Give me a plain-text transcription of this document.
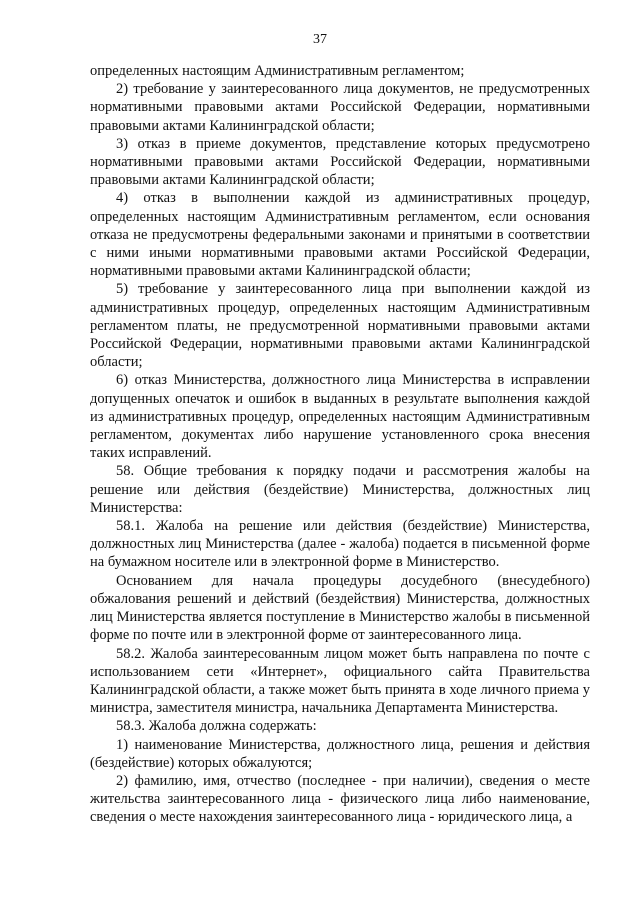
37

определенных настоящим Административным регламентом;

2) требование у заинтересованного лица документов, не предусмотренных нормативными правовыми актами Российской Федерации, нормативными правовыми актами Калининградской области;

3) отказ в приеме документов, представление которых предусмотрено нормативными правовыми актами Российской Федерации, нормативными правовыми актами Калининградской области;

4) отказ в выполнении каждой из административных процедур, определенных настоящим Административным регламентом, если основания отказа не предусмотрены федеральными законами и принятыми в соответствии с ними иными нормативными правовыми актами Российской Федерации, нормативными правовыми актами Калининградской области;

5) требование у заинтересованного лица при выполнении каждой из административных процедур, определенных настоящим Административным регламентом платы, не предусмотренной нормативными правовыми актами Российской Федерации, нормативными правовыми актами Калининградской области;

6) отказ Министерства, должностного лица Министерства в исправлении допущенных опечаток и ошибок в выданных в результате выполнения каждой из административных процедур, определенных настоящим Административным регламентом, документах либо нарушение установленного срока внесения таких исправлений.

58. Общие требования к порядку подачи и рассмотрения жалобы на решение или действия (бездействие) Министерства, должностных лиц Министерства:

58.1. Жалоба на решение или действия (бездействие) Министерства, должностных лиц Министерства (далее - жалоба) подается в письменной форме на бумажном носителе или в электронной форме в Министерство.

Основанием для начала процедуры досудебного (внесудебного) обжалования решений и действий (бездействия) Министерства, должностных лиц Министерства является поступление в Министерство жалобы в письменной форме по почте или в электронной форме от заинтересованного лица.

58.2. Жалоба заинтересованным лицом может быть направлена по почте с использованием сети «Интернет», официального сайта Правительства Калининградской области, а также может быть принята в ходе личного приема у министра, заместителя министра, начальника Департамента Министерства.

58.3. Жалоба должна содержать:

1) наименование Министерства, должностного лица, решения и действия (бездействие) которых обжалуются;

2) фамилию, имя, отчество (последнее - при наличии), сведения о месте жительства заинтересованного лица - физического лица либо наименование, сведения о месте нахождения заинтересованного лица - юридического лица, а
